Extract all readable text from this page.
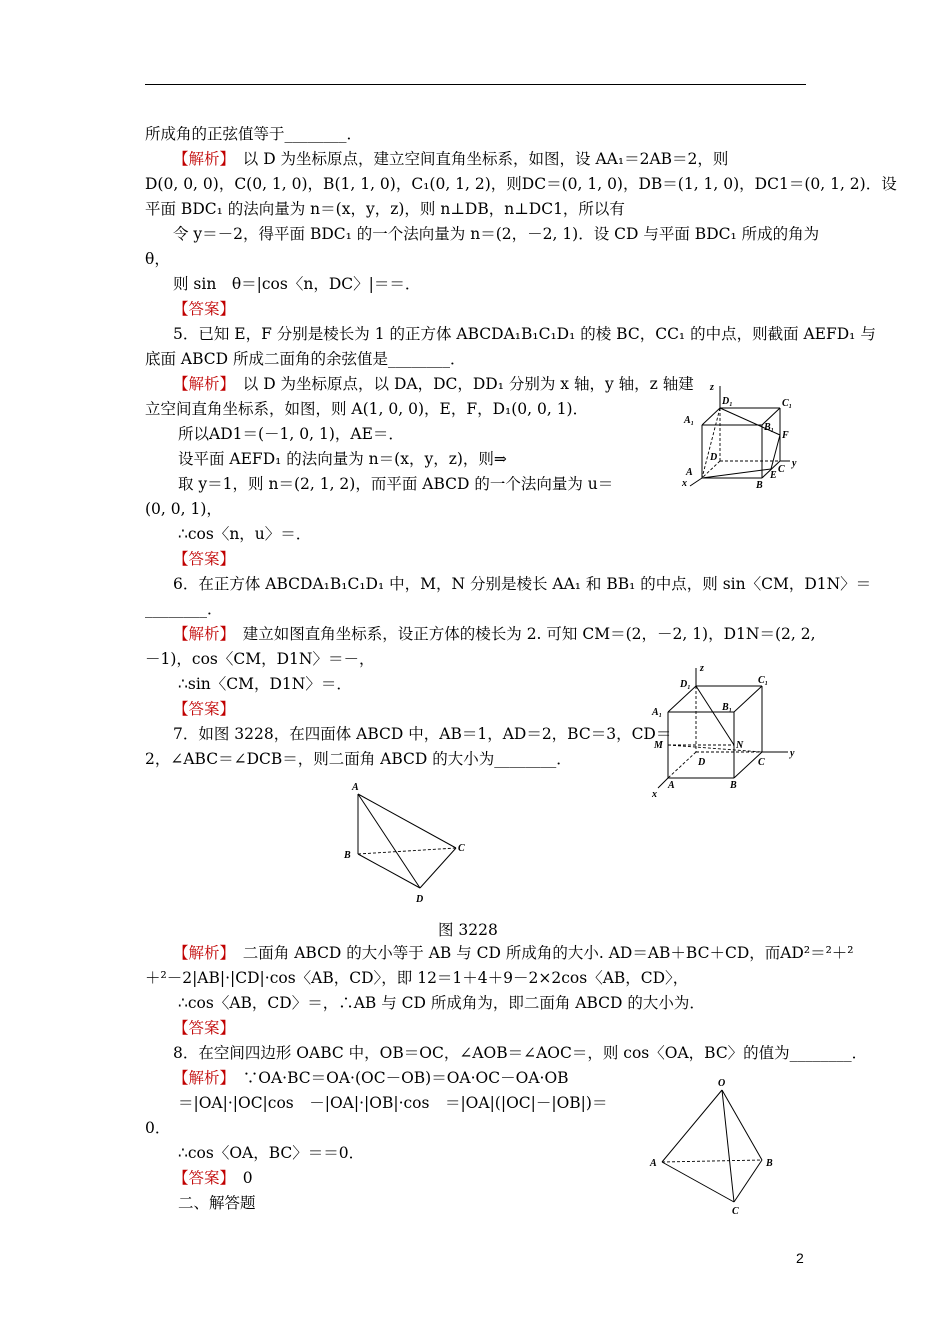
所成角的正弦值等于________．
【解析】　以 D 为坐标原点，建立空间直角坐标系，如图，设 AA₁＝2AB＝2，则
D(0, 0, 0)，C(0, 1, 0)，B(1, 1, 0)，C₁(0, 1, 2)，则DC＝(0, 1, 0)，DB＝(1, 1, 0)，DC1＝(0, 1, 2)．设
平面 BDC₁ 的法向量为 n＝(x，y，z)，则 n⊥DB，n⊥DC1，所以有
令 y＝－2，得平面 BDC₁ 的一个法向量为 n＝(2，－2, 1)．设 CD 与平面 BDC₁ 所成的角为
θ，
则 sin　θ＝|cos〈n，DC〉|＝＝．
【答案】
5．已知 E，F 分别是棱长为 1 的正方体 ABCDA₁B₁C₁D₁ 的棱 BC，CC₁ 的中点，则截面 AEFD₁ 与
底面 ABCD 所成二面角的余弦值是________．
【解析】　以 D 为坐标原点，以 DA，DC，DD₁ 分别为 x 轴，y 轴，z 轴建
立空间直角坐标系，如图，则 A(1, 0, 0)，E，F，D₁(0, 0, 1)．
所以AD1＝(－1, 0, 1)，AE＝．
设平面 AEFD₁ 的法向量为 n＝(x，y，z)，则⇒
取 y＝1，则 n＝(2, 1, 2)，而平面 ABCD 的一个法向量为 u＝
(0, 0, 1)，
∴cos〈n，u〉＝．
【答案】
6．在正方体 ABCDA₁B₁C₁D₁ 中，M，N 分别是棱长 AA₁ 和 BB₁ 的中点，则 sin〈CM，D1N〉＝
________．
【解析】　建立如图直角坐标系，设正方体的棱长为 2. 可知 CM＝(2，－2, 1)，D1N＝(2, 2,
－1)，cos〈CM，D1N〉＝－，
∴sin〈CM，D1N〉＝．
【答案】
7．如图 3228，在四面体 ABCD 中，AB＝1，AD＝2，BC＝3，CD＝
2，∠ABC＝∠DCB＝，则二面角 ABCD 的大小为________．
图 3228
【解析】　二面角 ABCD 的大小等于 AB 与 CD 所成角的大小. AD＝AB＋BC＋CD，而AD²＝²＋²
＋²－2|AB|·|CD|·cos〈AB，CD〉，即 12＝1＋4＋9－2×2cos〈AB，CD〉，
∴cos〈AB，CD〉＝，∴AB 与 CD 所成角为，即二面角 ABCD 的大小为．
【答案】
8．在空间四边形 OABC 中，OB＝OC，∠AOB＝∠AOC＝，则 cos〈OA，BC〉的值为________．
【解析】　∵OA·BC＝OA·(OC－OB)＝OA·OC－OA·OB
＝|OA|·|OC|cos　－|OA|·|OB|·cos　＝|OA|(|OC|－|OB|)＝
0．
∴cos〈OA，BC〉＝＝0．
【答案】　0
二、解答题
z
D₁	C₁
A₁
B₁
F
D
A
B
E
C
y
x
z
D₁
B₁
C₁
A₁
M	N
y
D	C
A	B
x
A
B
C
D
O
A	B
C
2
